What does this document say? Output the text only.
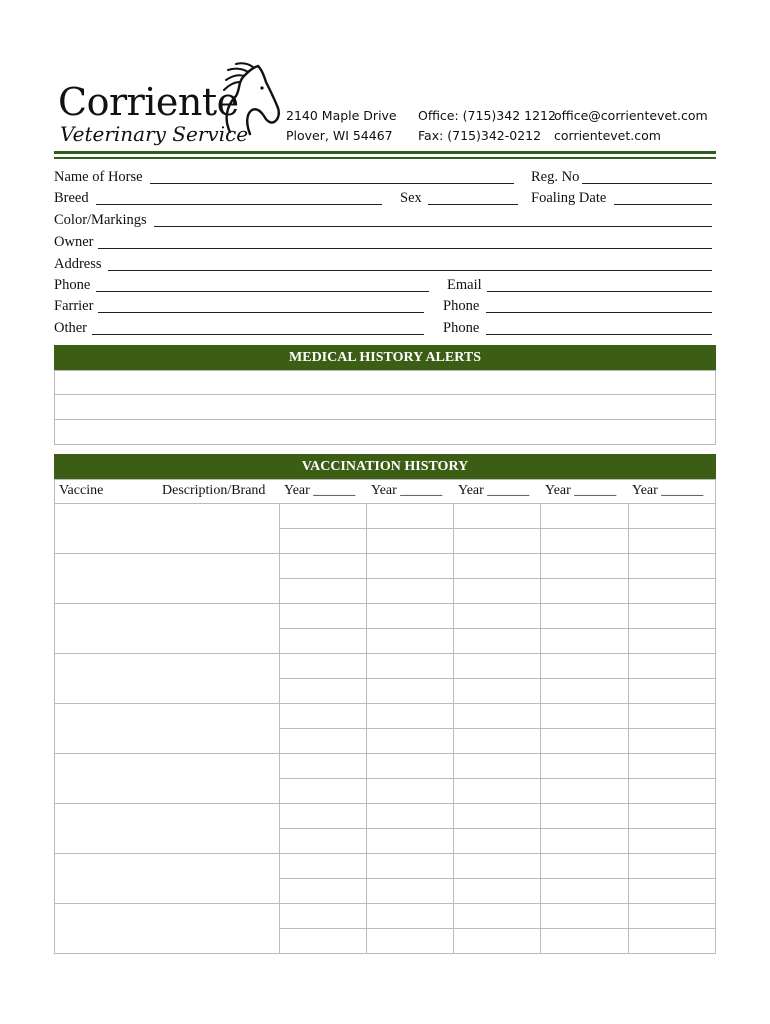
Corriente
Veterinary Service
2140 Maple Drive
Plover, WI 54467
Office: (715)342 1212
Fax: (715)342-0212
office@corrientevet.com
corrientevet.com
Name of Horse	Reg. No
Breed	Sex	Foaling Date
Color/Markings
Owner
Address
Phone	Email
Farrier	Phone
Other	Phone
MEDICAL HISTORY ALERTS
VACCINATION HISTORY
Vaccine	Description/Brand Year ______ Year ______ Year ______ Year ______ Year ______
